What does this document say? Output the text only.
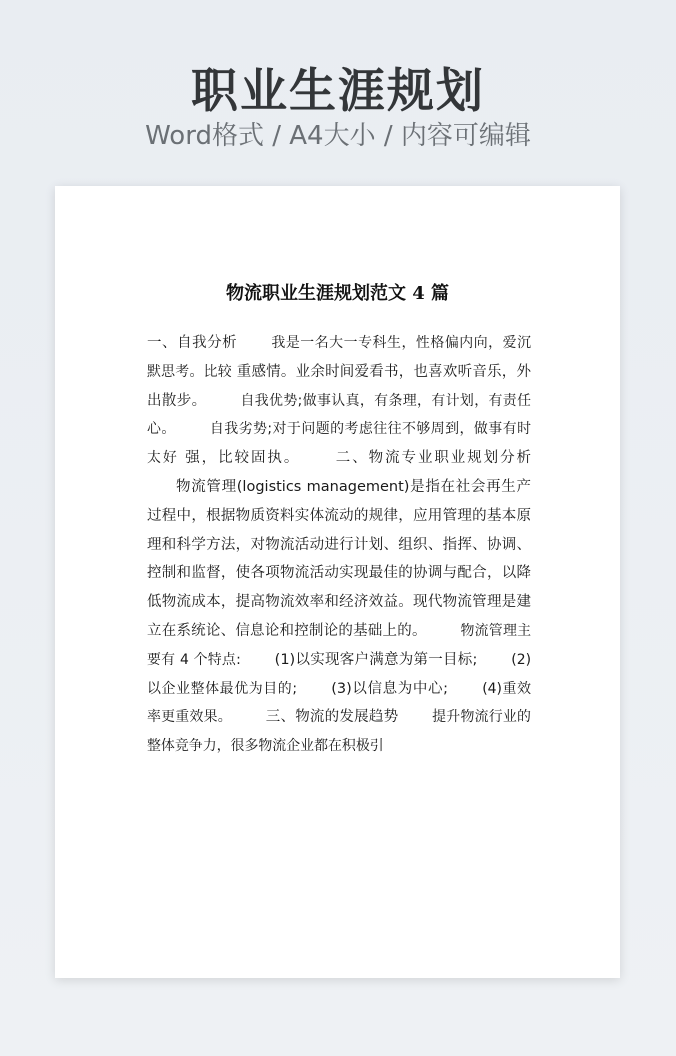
职业生涯规划
Word格式 / A4大小 / 内容可编辑
物流职业生涯规划范文 4 篇
一、自我分析 我是一名大一专科生，性格偏内向，爱沉默思考。比较 重感情。业余时间爱看书，也喜欢听音乐，外出散步。 自我优势;做事认真，有条理，有计划，有责任心。 自我劣势;对于问题的考虑往往不够周到，做事有时太好 强，比较固执。 二、物流专业职业规划分析 物流管理(logistics management)是指在社会再生产 过程中，根据物质资料实体流动的规律，应用管理的基本原 理和科学方法，对物流活动进行计划、组织、指挥、协调、 控制和监督，使各项物流活动实现最佳的协调与配合，以降 低物流成本，提高物流效率和经济效益。现代物流管理是建 立在系统论、信息论和控制论的基础上的。 物流管理主要有 4 个特点: (1)以实现客户满意为第一目标; (2)以企业整体最优为目的; (3)以信息为中心; (4)重效率更重效果。 三、物流的发展趋势 提升物流行业的整体竞争力，很多物流企业都在积极引
